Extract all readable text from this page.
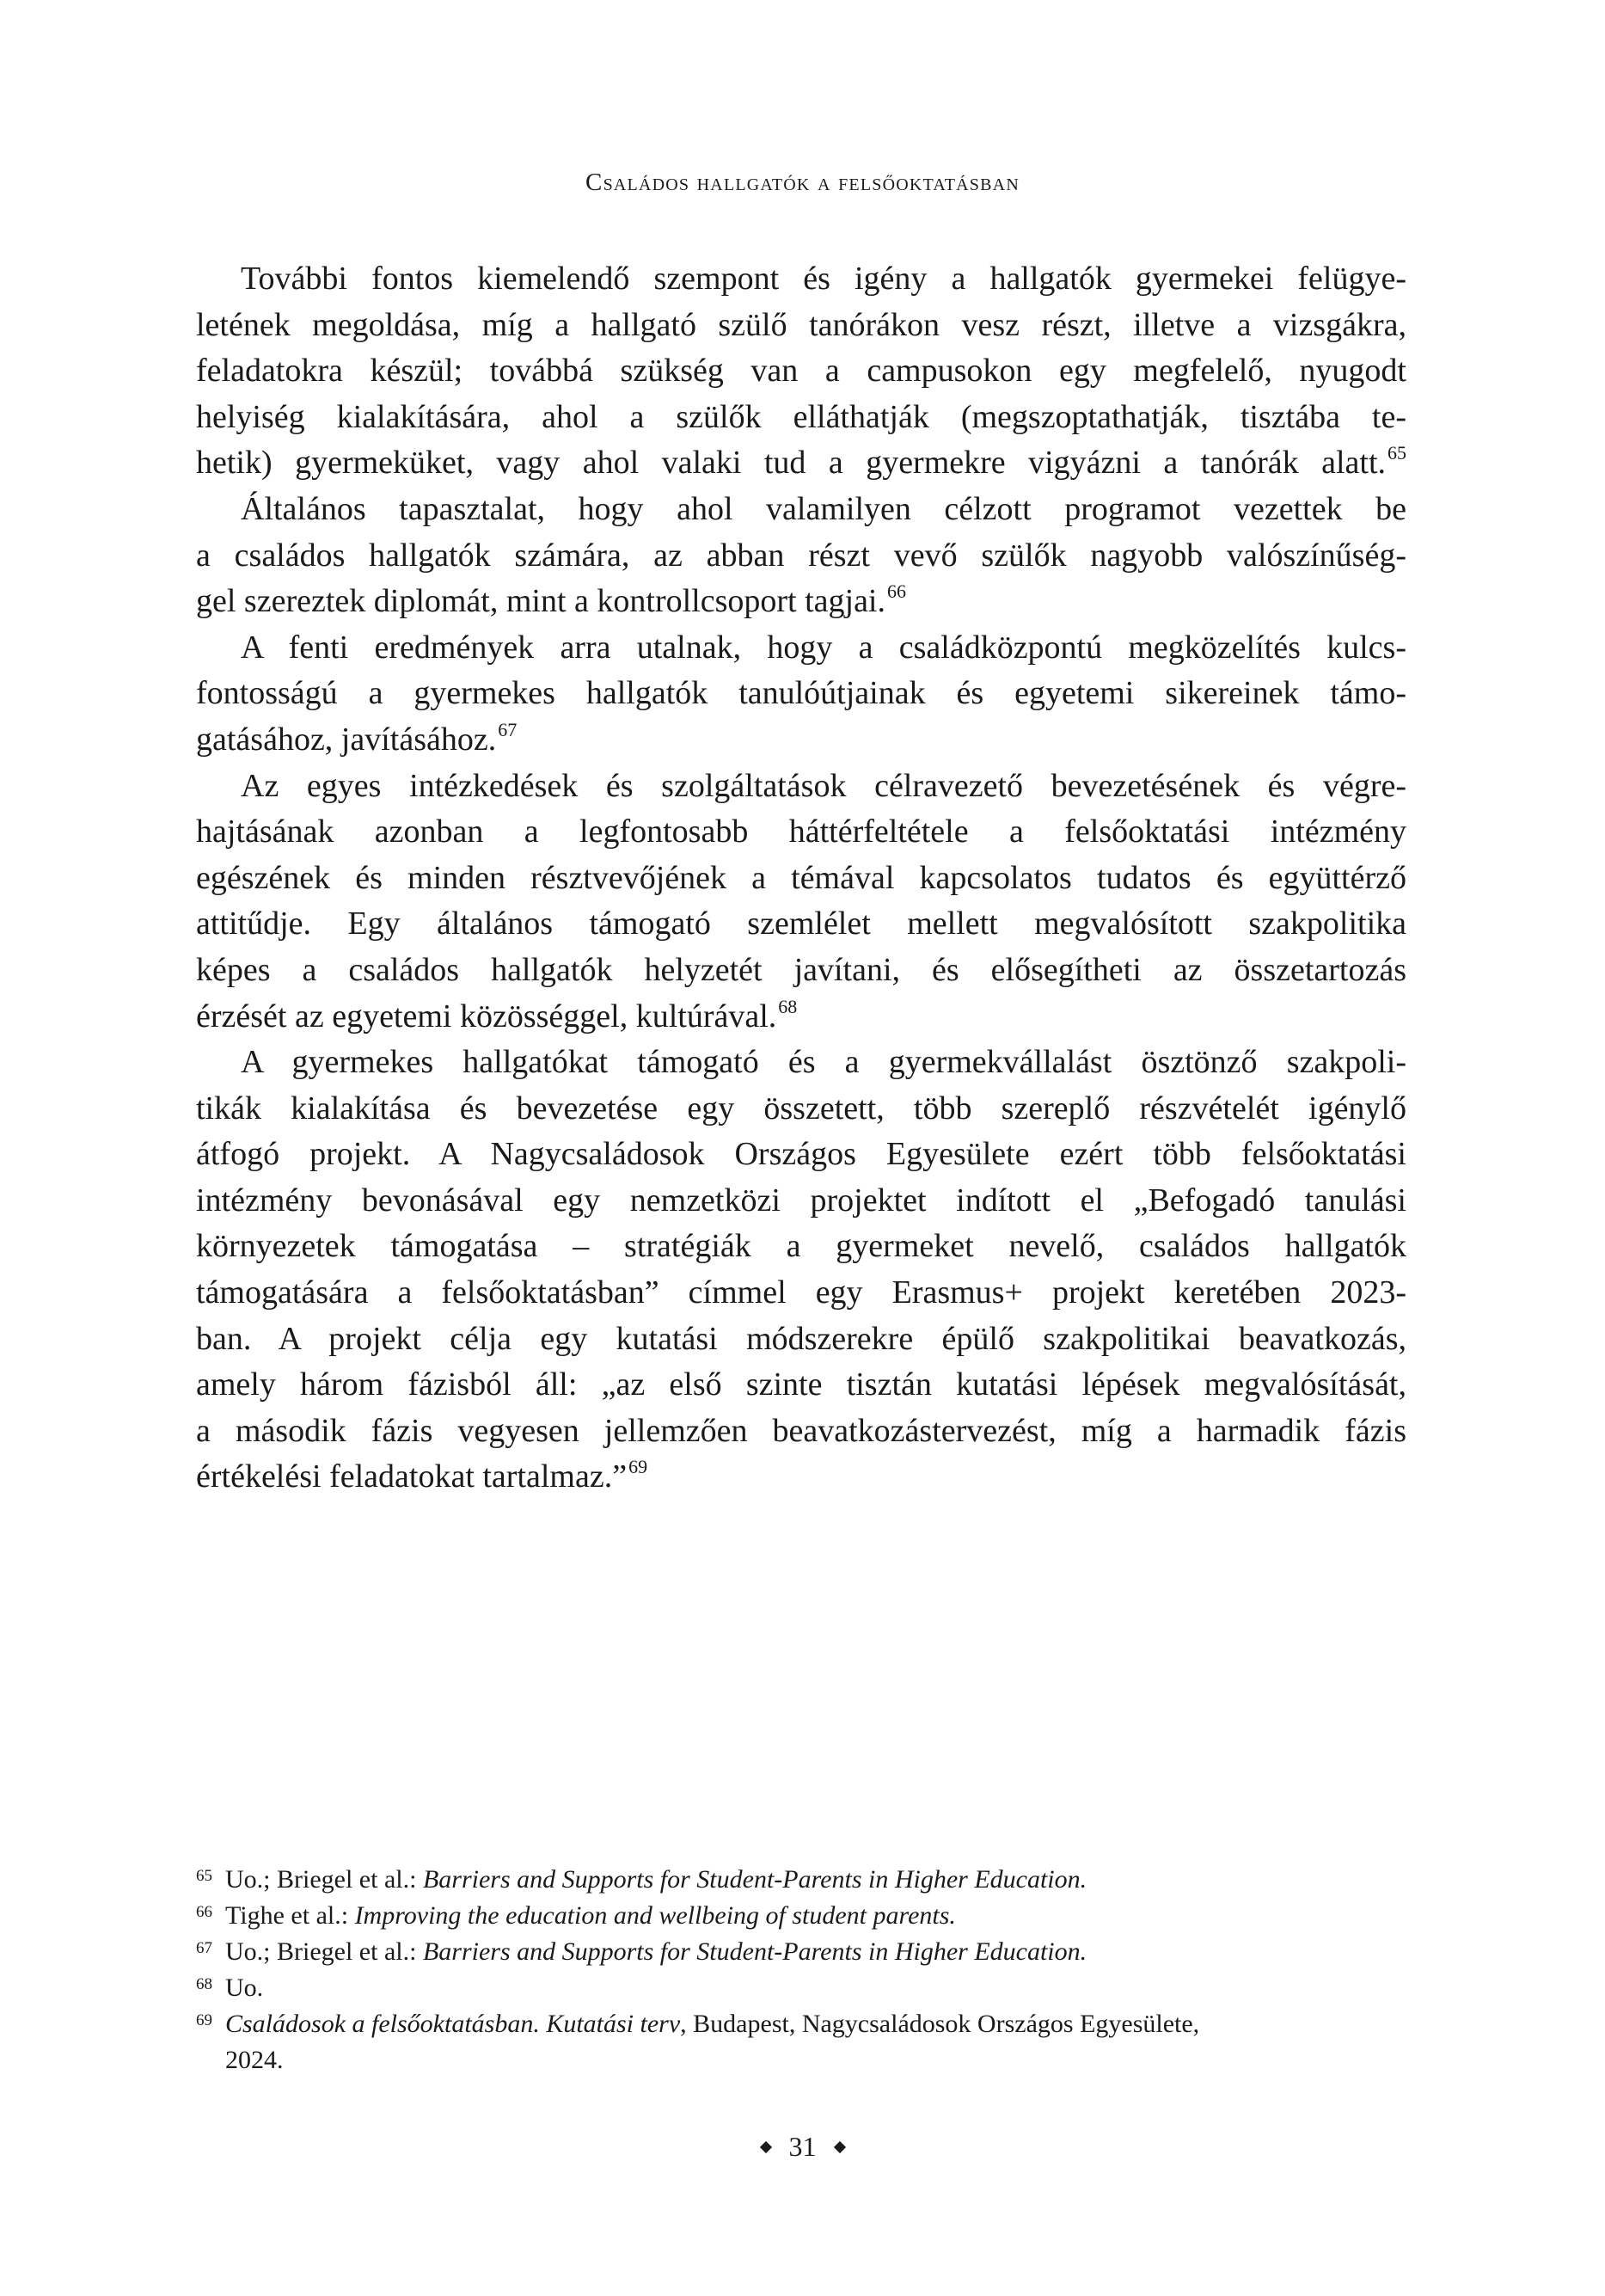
Családos hallgatók a felsőoktatásban
További fontos kiemelendő szempont és igény a hallgatók gyermekei felügye-
letének megoldása, míg a hallgató szülő tanórákon vesz részt, illetve a vizsgákra,
feladatokra készül; továbbá szükség van a campusokon egy megfelelő, nyugodt
helyiség kialakítására, ahol a szülők elláthatják (megszoptathatják, tisztába te-
hetik) gyermeküket, vagy ahol valaki tud a gyermekre vigyázni a tanórák alatt.$^{65}$
Általános tapasztalat, hogy ahol valamilyen célzott programot vezettek be
a családos hallgatók számára, az abban részt vevő szülők nagyobb valószínűség-
gel szereztek diplomát, mint a kontrollcsoport tagjai.$^{66}$
A fenti eredmények arra utalnak, hogy a családközpontú megközelítés kulcs-
fontosságú a gyermekes hallgatók tanulóútjainak és egyetemi sikereinek támo-
gatásához, javításához.$^{67}$
Az egyes intézkedések és szolgáltatások célravezető bevezetésének és végre-
hajtásának azonban a legfontosabb háttérfeltétele a felsőoktatási intézmény
egészének és minden résztvevőjének a témával kapcsolatos tudatos és együttérző
attitűdje. Egy általános támogató szemlélet mellett megvalósított szakpolitika
képes a családos hallgatók helyzetét javítani, és elősegítheti az összetartozás
érzését az egyetemi közösséggel, kultúrával.$^{68}$
A gyermekes hallgatókat támogató és a gyermekvállalást ösztönző szakpoli-
tikák kialakítása és bevezetése egy összetett, több szereplő részvételét igénylő
átfogó projekt. A Nagycsaládosok Országos Egyesülete ezért több felsőoktatási
intézmény bevonásával egy nemzetközi projektet indított el „Befogadó tanulási
környezetek támogatása – stratégiák a gyermeket nevelő, családos hallgatók
támogatására a felsőoktatásban” címmel egy Erasmus+ projekt keretében 2023-
ban. A projekt célja egy kutatási módszerekre épülő szakpolitikai beavatkozás,
amely három fázisból áll: „az első szinte tisztán kutatási lépések megvalósítását,
a második fázis vegyesen jellemzően beavatkozástervezést, míg a harmadik fázis
értékelési feladatokat tartalmaz.”$^{69}$
65 Uo.; Briegel et al.: Barriers and Supports for Student-Parents in Higher Education.
66 Tighe et al.: Improving the education and wellbeing of student parents.
67 Uo.; Briegel et al.: Barriers and Supports for Student-Parents in Higher Education.
68 Uo.
69 Családosok a felsőoktatásban. Kutatási terv, Budapest, Nagycsaládosok Országos Egyesülete,
2024.
31
